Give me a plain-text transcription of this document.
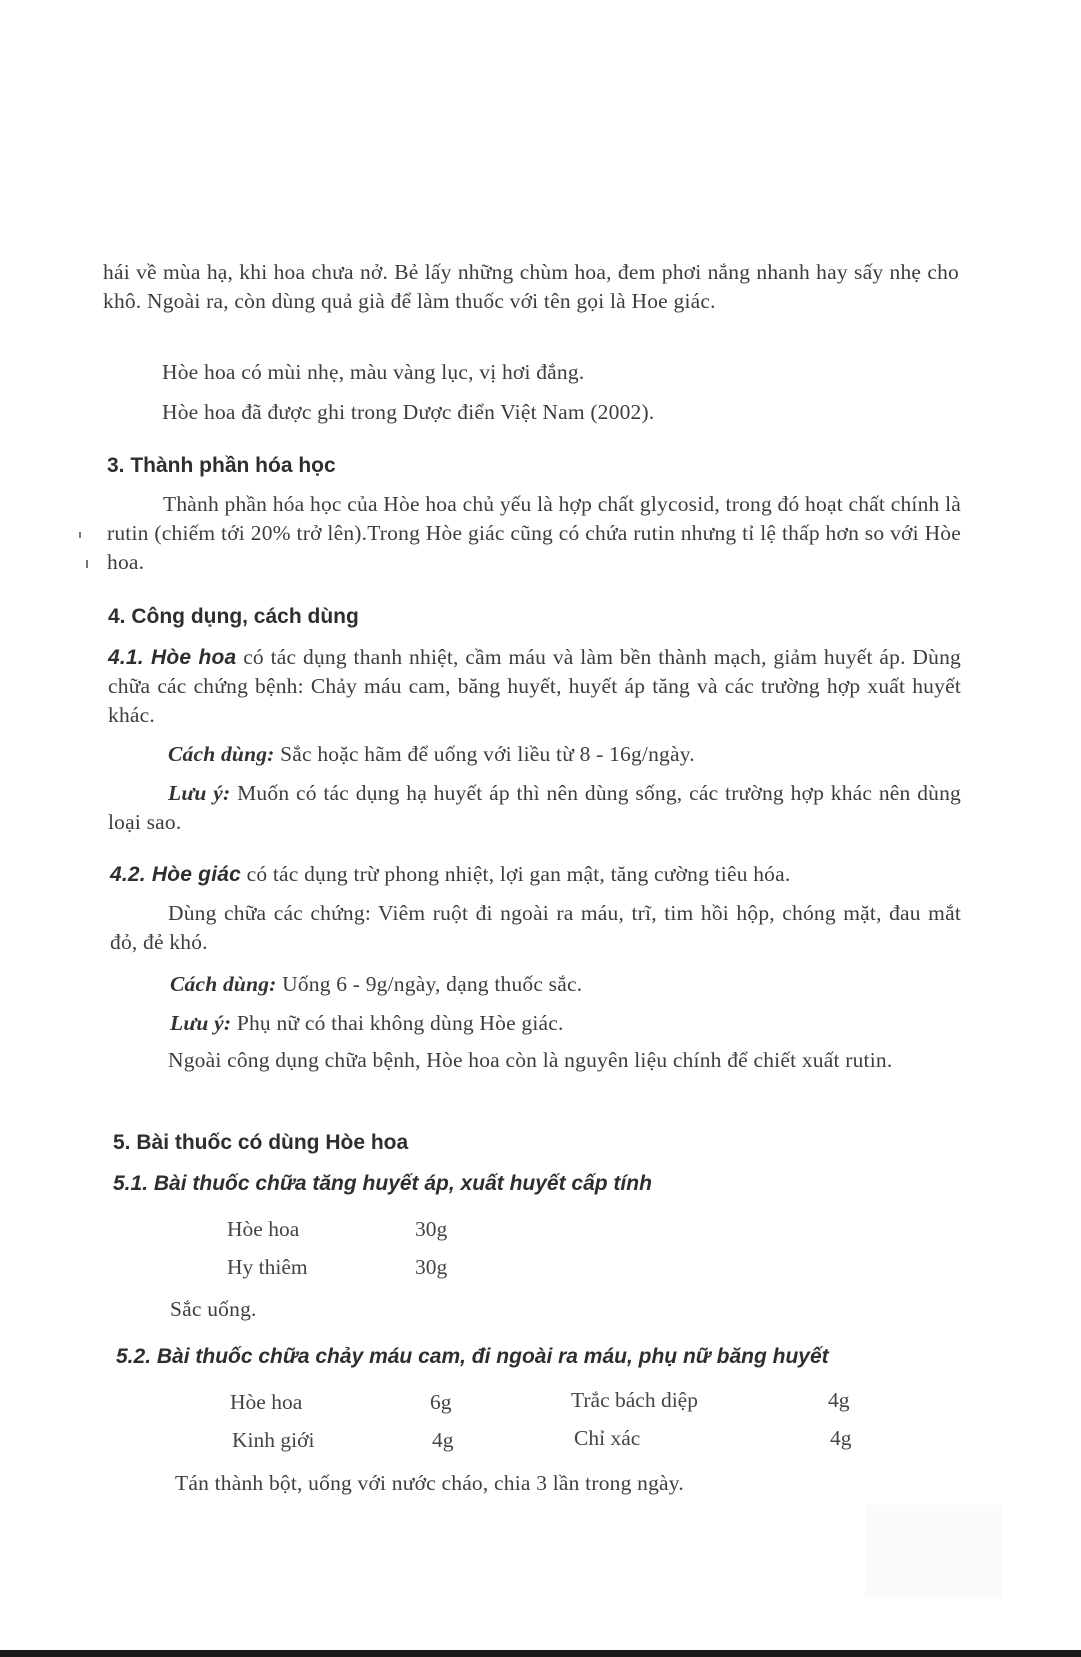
hái về mùa hạ, khi hoa chưa nở. Bẻ lấy những chùm hoa, đem phơi nắng nhanh hay sấy nhẹ cho khô. Ngoài ra, còn dùng quả già để làm thuốc với tên gọi là Hoe giác.

Hòe hoa có mùi nhẹ, màu vàng lục, vị hơi đắng.

Hòe hoa đã được ghi trong Dược điển Việt Nam (2002).

3. Thành phần hóa học

Thành phần hóa học của Hòe hoa chủ yếu là hợp chất glycosid, trong đó hoạt chất chính là rutin (chiếm tới 20% trở lên).Trong Hòe giác cũng có chứa rutin nhưng tỉ lệ thấp hơn so với Hòe hoa.

4. Công dụng, cách dùng

4.1. Hòe hoa có tác dụng thanh nhiệt, cầm máu và làm bền thành mạch, giảm huyết áp. Dùng chữa các chứng bệnh: Chảy máu cam, băng huyết, huyết áp tăng và các trường hợp xuất huyết khác.

Cách dùng: Sắc hoặc hãm để uống với liều từ 8 - 16g/ngày.

Lưu ý: Muốn có tác dụng hạ huyết áp thì nên dùng sống, các trường hợp khác nên dùng loại sao.

4.2. Hòe giác có tác dụng trừ phong nhiệt, lợi gan mật, tăng cường tiêu hóa.

Dùng chữa các chứng: Viêm ruột đi ngoài ra máu, trĩ, tim hồi hộp, chóng mặt, đau mắt đỏ, đẻ khó.

Cách dùng: Uống 6 - 9g/ngày, dạng thuốc sắc.

Lưu ý: Phụ nữ có thai không dùng Hòe giác.

Ngoài công dụng chữa bệnh, Hòe hoa còn là nguyên liệu chính để chiết xuất rutin.

5. Bài thuốc có dùng Hòe hoa
5.1. Bài thuốc chữa tăng huyết áp, xuất huyết cấp tính

Hòe hoa	30g

Hy thiêm	30g

Sắc uống.

5.2. Bài thuốc chữa chảy máu cam, đi ngoài ra máu, phụ nữ băng huyết

Hòe hoa	6g	Trắc bách diệp	4g

Kinh giới	4g	Chỉ xác	4g

Tán thành bột, uống với nước cháo, chia 3 lần trong ngày.
